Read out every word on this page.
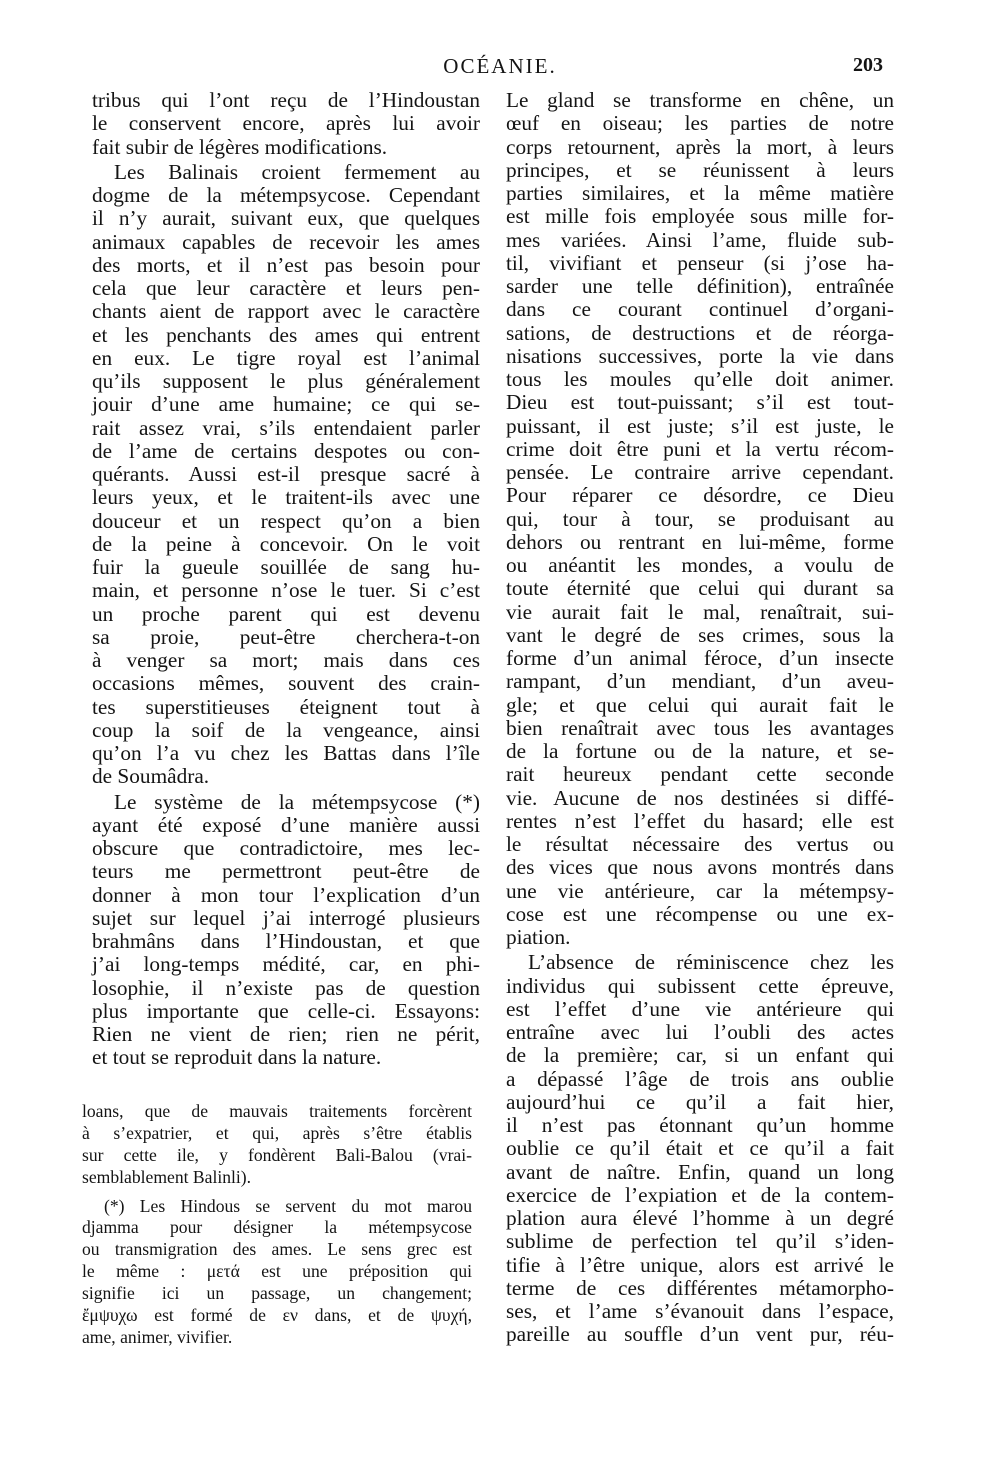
OCÉANIE.	203
tribus qui l’ont reçu de l’Hindoustan
le conservent encore, après lui avoir
fait subir de légères modifications.
Les Balinais croient fermement au
dogme de la métempsycose. Cependant
il n’y aurait, suivant eux, que quelques
animaux capables de recevoir les ames
des morts, et il n’est pas besoin pour
cela que leur caractère et leurs pen-
chants aient de rapport avec le caractère
et les penchants des ames qui entrent
en eux. Le tigre royal est l’animal
qu’ils supposent le plus généralement
jouir d’une ame humaine; ce qui se-
rait assez vrai, s’ils entendaient parler
de l’ame de certains despotes ou con-
quérants. Aussi est-il presque sacré à
leurs yeux, et le traitent-ils avec une
douceur et un respect qu’on a bien
de la peine à concevoir. On le voit
fuir la gueule souillée de sang hu-
main, et personne n’ose le tuer. Si c’est
un proche parent qui est devenu
sa proie, peut-être cherchera-t-on
à venger sa mort; mais dans ces
occasions mêmes, souvent des crain-
tes superstitieuses éteignent tout à
coup la soif de la vengeance, ainsi
qu’on l’a vu chez les Battas dans l’île
de Soumâdra.
Le système de la métempsycose (*)
ayant été exposé d’une manière aussi
obscure que contradictoire, mes lec-
teurs me permettront peut-être de
donner à mon tour l’explication d’un
sujet sur lequel j’ai interrogé plusieurs
brahmâns dans l’Hindoustan, et que
j’ai long-temps médité, car, en phi-
losophie, il n’existe pas de question
plus importante que celle-ci. Essayons:
Rien ne vient de rien; rien ne périt,
et tout se reproduit dans la nature.
Le gland se transforme en chêne, un
œuf en oiseau; les parties de notre
corps retournent, après la mort, à leurs
principes, et se réunissent à leurs
parties similaires, et la même matière
est mille fois employée sous mille for-
mes variées. Ainsi l’ame, fluide sub-
til, vivifiant et penseur (si j’ose ha-
sarder une telle définition), entraînée
dans ce courant continuel d’organi-
sations, de destructions et de réorga-
nisations successives, porte la vie dans
tous les moules qu’elle doit animer.
Dieu est tout-puissant; s’il est tout-
puissant, il est juste; s’il est juste, le
crime doit être puni et la vertu récom-
pensée. Le contraire arrive cependant.
Pour réparer ce désordre, ce Dieu
qui, tour à tour, se produisant au
dehors ou rentrant en lui-même, forme
ou anéantit les mondes, a voulu de
toute éternité que celui qui durant sa
vie aurait fait le mal, renaîtrait, sui-
vant le degré de ses crimes, sous la
forme d’un animal féroce, d’un insecte
rampant, d’un mendiant, d’un aveu-
gle; et que celui qui aurait fait le
bien renaîtrait avec tous les avantages
de la fortune ou de la nature, et se-
rait heureux pendant cette seconde
vie. Aucune de nos destinées si diffé-
rentes n’est l’effet du hasard; elle est
le résultat nécessaire des vertus ou
des vices que nous avons montrés dans
une vie antérieure, car la métempsy-
cose est une récompense ou une ex-
piation.
L’absence de réminiscence chez les
individus qui subissent cette épreuve,
est l’effet d’une vie antérieure qui
entraîne avec lui l’oubli des actes
de la première; car, si un enfant qui
a dépassé l’âge de trois ans oublie
aujourd’hui ce qu’il a fait hier,
il n’est pas étonnant qu’un homme
oublie ce qu’il était et ce qu’il a fait
avant de naître. Enfin, quand un long
exercice de l’expiation et de la contem-
plation aura élevé l’homme à un degré
sublime de perfection tel qu’il s’iden-
tifie à l’être unique, alors est arrivé le
terme de ces différentes métamorpho-
ses, et l’ame s’évanouit dans l’espace,
pareille au souffle d’un vent pur, réu-
loans, que de mauvais traitements forcèrent
à s’expatrier, et qui, après s’être établis
sur cette ile, y fondèrent Bali-Balou (vrai-
semblablement Balinli).
(*) Les Hindous se servent du mot marou
djamma pour désigner la métempsycose
ou transmigration des ames. Le sens grec est
le même : μετά est une préposition qui
signifie ici un passage, un changement;
ἔμψυχω est formé de εν dans, et de ψυχή,
ame, animer, vivifier.
